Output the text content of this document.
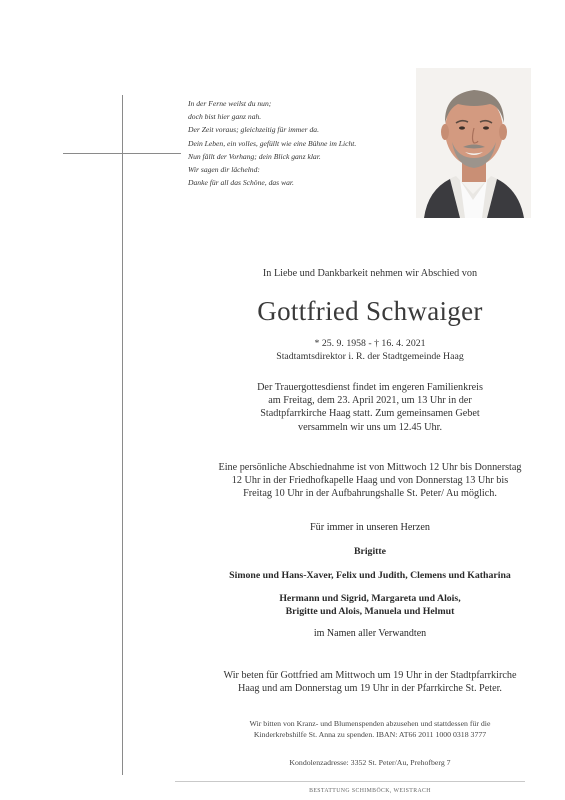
In der Ferne weilst du nun;
doch bist hier ganz nah.
Der Zeit voraus; gleichzeitig für immer da.
Dein Leben, ein volles, gefüllt wie eine Bühne im Licht.
Nun fällt der Vorhang; dein Blick ganz klar.
Wir sagen dir lächelnd:
Danke für all das Schöne, das war.
In Liebe und Dankbarkeit nehmen wir Abschied von
Gottfried Schwaiger
* 25. 9. 1958 - † 16. 4. 2021
Stadtamtsdirektor i. R. der Stadtgemeinde Haag
Der Trauergottesdienst findet im engeren Familienkreis
am Freitag, dem 23. April 2021, um 13 Uhr in der
Stadtpfarrkirche Haag statt. Zum gemeinsamen Gebet
versammeln wir uns um 12.45 Uhr.
Eine persönliche Abschiednahme ist von Mittwoch 12 Uhr bis Donnerstag
12 Uhr in der Friedhofkapelle Haag und von Donnerstag 13 Uhr bis
Freitag 10 Uhr in der Aufbahrungshalle St. Peter/ Au möglich.
Für immer in unseren Herzen
Brigitte
Simone und Hans-Xaver, Felix und Judith, Clemens und Katharina
Hermann und Sigrid, Margareta und Alois,
Brigitte und Alois, Manuela und Helmut
im Namen aller Verwandten
Wir beten für Gottfried am Mittwoch um 19 Uhr in der Stadtpfarrkirche
Haag und am Donnerstag um 19 Uhr in der Pfarrkirche St. Peter.
Wir bitten von Kranz- und Blumenspenden abzusehen und stattdessen für die
Kinderkrebshilfe St. Anna zu spenden. IBAN: AT66 2011 1000 0318 3777
Kondolenzadresse: 3352 St. Peter/Au, Prehofberg 7
BESTATTUNG SCHIMBÖCK, WEISTRACH
